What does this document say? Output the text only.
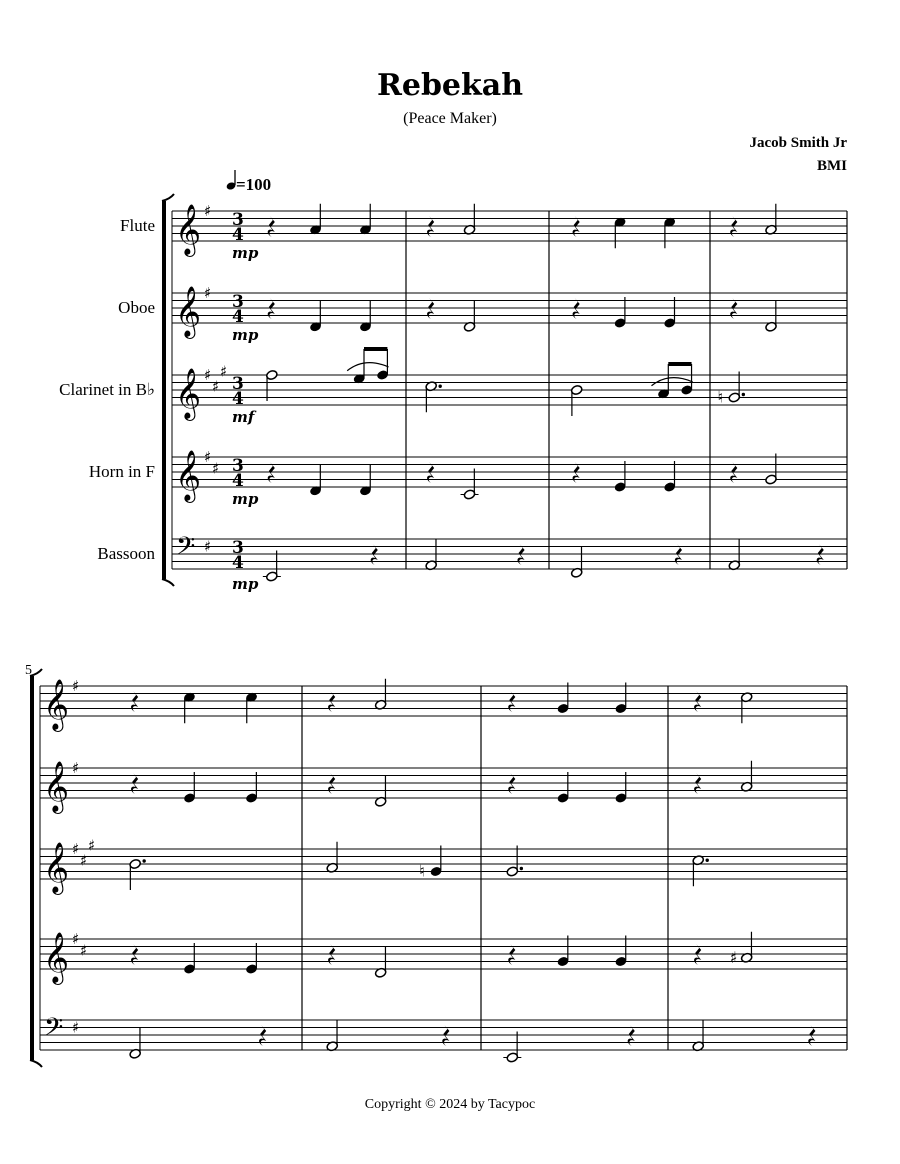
Rebekah
(Peace Maker)
Jacob Smith Jr
BMI
=100
Flute
Oboe
Clarinet in B♭
Horn in F
Bassoon
𝄞 ♯ 3
4
mp
𝄞 ♯ 3
4
mp
𝄞 ♯
♯
♯
3
4	♮
mf
𝄞 ♯
♯ 3
4
mp
𝄢 ♯ 3
4
mp
𝄞 ♯
𝄞 ♯
𝄞 ♯
♯
♯
♮
𝄞 ♯
♯	♯
𝄢 ♯
5
Copyright © 2024 by Tacypoc
